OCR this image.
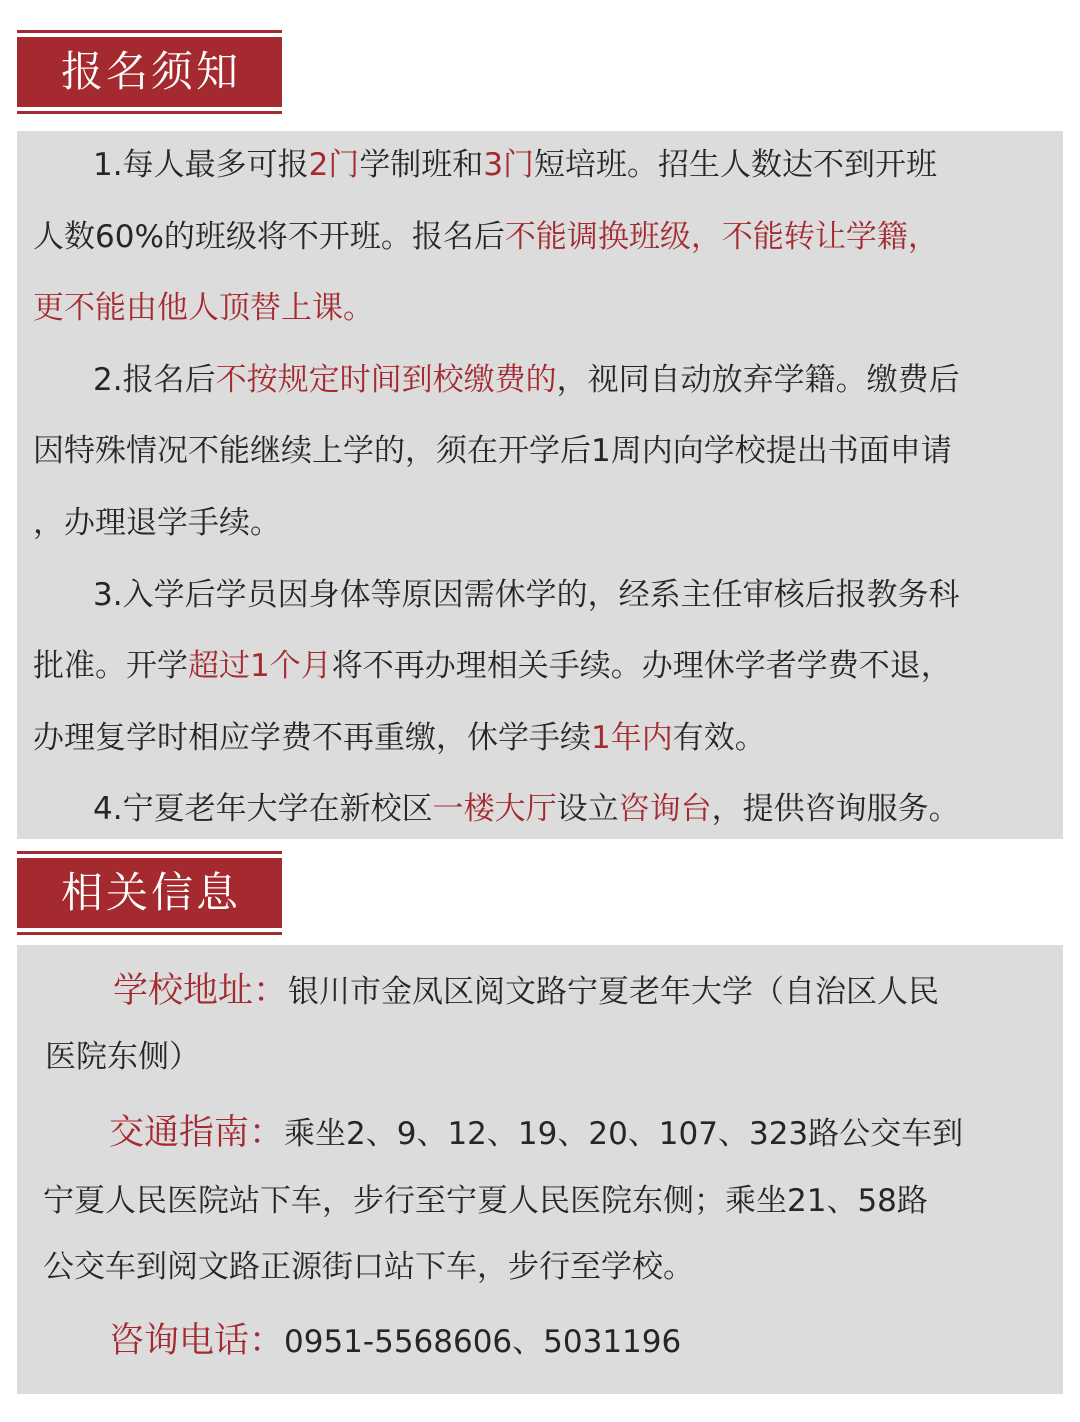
报名须知
1.每人最多可报2门学制班和3门短培班。招生人数达不到开班
人数60%的班级将不开班。报名后不能调换班级，不能转让学籍，
更不能由他人顶替上课。
2.报名后不按规定时间到校缴费的，视同自动放弃学籍。缴费后
因特殊情况不能继续上学的，须在开学后1周内向学校提出书面申请
，办理退学手续。
3.入学后学员因身体等原因需休学的，经系主任审核后报教务科
批准。开学超过1个月将不再办理相关手续。办理休学者学费不退，
办理复学时相应学费不再重缴，休学手续1年内有效。
4.宁夏老年大学在新校区一楼大厅设立咨询台，提供咨询服务。
相关信息
学校地址：银川市金凤区阅文路宁夏老年大学（自治区人民
医院东侧）
交通指南：乘坐2、9、12、19、20、107、323路公交车到
宁夏人民医院站下车，步行至宁夏人民医院东侧；乘坐21、58路
公交车到阅文路正源街口站下车，步行至学校。
咨询电话：0951-5568606、5031196
